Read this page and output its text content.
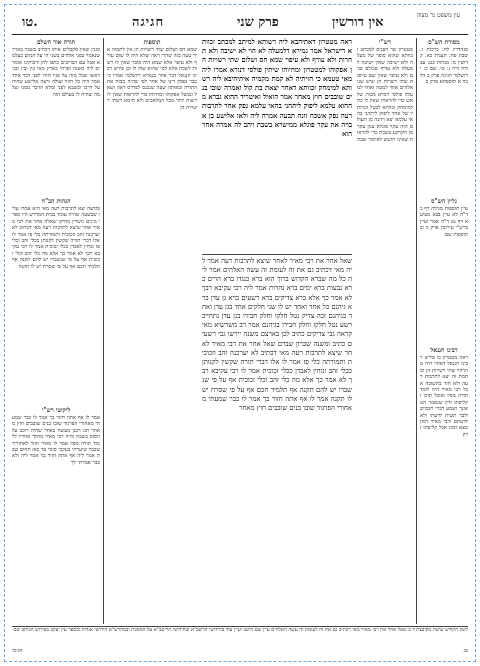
טו.	חגיגה	פרק שני	אין דורשין	עין משפט נר מצוה
תורה אור השלם
ומנין שאין מקבלים אותו דכתיב בשבר באויר שנאמר בפני אלהים בשני הי על המים בעלמא אבל עם הכרובים כתבו להן ורבותינו אומרים ליה משנה ופרחי בארץ מאי בין ובין ובני ראשו שכל מזה על פניו חזרו לפני דבר אחד אמר היה כל חוזר ועולה ורצה אלישע שהיה על דרכו וכשבא לפני ומלא הדבר ממנו ועל מה שהיה לו בעולם הזה
הגהות הב"ח
ומדעה יצא לתרבות רעה מאי היא אמרו עליו שבשעה שהיה עומד בבית המדרש היו ספרי מינים נושרין מחיקו שאלה אחר את רבי מאיר אחר שיצא לתרבות רעה מאי דכתיב לא יערכנה זהב וזכוכית ותמורתה כלי פז אמר לו אלו דברי תורה שקשין לקנותן ככלי זהב וכלי פז ונוחין לאבדן ככלי זכוכית אמר לו רבי עקיבא רבך לא אמר כך אלא מה כלי זהב וכלי זכוכית אף על פי שנשברו יש להם תקנה אף תלמיד חכם אף על פי שסרח יש לו תקנה
ליקוטי רש"י
אמר לו אף אתה חזור בך אמר לו כבר שמעתי מאחורי הפרגוד שובו בנים שובבים חוץ מאחר תנו רבנן מעשה באחר שהיה רוכב על הסוס בשבת והיה רבי מאיר מהלך אחריו ללמוד תורה מפיו אמר לו מאיר חזור לאחוריך שכבר שיערתי בעקבי סוסי עד כאן תחום שבת אמר ליה אף אתה חזור בך אמר ליה ולא כבר אמרתי לך
תוספות
שמא חס ושלום שתי רשויות הן אין לתמוה איך טעה בזה שהרי ראה שלא היה לו שום עורף ולא עיפוי אלא שמא היה סובר שאין לו רשות לשבת אלא למי שהוא שוה לו וכן פירש רבינו חננאל דבר אחר בגמרא ירושלמי אמרו כי כבר נפסק דינו של אחר לפי שהיה מבזה את התורה ובאותה שעה שנכנס לפרדס ראה ושאל ונכשל אפקוהו ומחיוהו כדי להראות שאין לו רשות יותר מכל המלאכים ולא תימא דשתי רשויות הן
ראה מטטרון דאתיהבא ליה רשותא למיתב למכתב זכוותא דישראל אמר גמירא דלמעלה לא הוי לא ישיבה ולא תחרות ולא עורף ולא עיפוי שמא חס ושלום שתי רשויות הן אפקוהו למטטרון ומחיוהו שיתין פולסי דנורא אמרו ליה מאי טעמא כי חזיתיה לא קמת מקמיה איתיהיבא ליה רשותא למימחק זכוותא דאחר יצאת בת קול ואמרה שובו בנים שובבים חוץ מאחר אמר הואיל ואיטריד ההוא גברא מההוא עלמא ליפוק ליתהני בהאי עלמא נפק אחר לתרבות רעה נפק אשכח זונה תבעה אמרה ליה ולאו אלישע בן אבויה את עקר פוגלא ממישרא בשבת ויהב לה אמרה אחר הוא
שאל אחר את רבי מאיר לאחר שיצא לתרבות רעה אמר ליה מאי דכתיב גם את זה לעומת זה עשה האלהים אמר ליה כל מה שברא הקדוש ברוך הוא ברא כנגדו ברא הרים ברא גבעות ברא ימים ברא נהרות אמר ליה רבי עקיבא רבך לא אמר כך אלא ברא צדיקים ברא רשעים ברא גן עדן ברא גיהנם כל אחד ואחד יש לו שני חלקים אחד בגן עדן ואחד בגיהנם זכה צדיק נטל חלקו וחלק חבירו בגן עדן נתחייב רשע נטל חלקו וחלק חבירו בגיהנם אמר רב משרשיא מאי קראה גבי צדיקים כתיב לכן בארצם משנה יירשו גבי רשעים כתיב ומשנה שברון שברם שאל אחר את רבי מאיר לאחר שיצא לתרבות רעה מאי דכתיב לא יערכנה זהב וזכוכית ותמורתה כלי פז אמר לו אלו דברי תורה שקשין לקנותן ככלי זהב ונוחין לאבדן ככלי זכוכית אמר לו רבי עקיבא רבך לא אמר כך אלא מה כלי זהב וכלי זכוכית אף על פי שנשברו יש להם תקנה אף תלמיד חכם אף על פי שסרח יש לו תקנה אמר לו אף אתה חזור בך אמר לו כבר שמעתי מאחורי הפרגוד שובו בנים שובבים חוץ מאחר
רש"י
מטטרון שר הפנים למכתב זכוותא שהוא סופר של מעלה ולא ישיבה שאין ישיבה למעלה ולא עורף שכולם פנים ולא עיפוי שאין שם עייפות שתי רשויות הן שיש שני אלהים אחד למטה ואחד למעלה פולסי דנורא מכות של אש כדי להראות שאין לו כח למימחק זכוותא לבטל זכויותיו של אחר ליפוק ליתהני בהאי עלמא יצא ויהנה מן העולם הזה עקר פוגלא צנון עקר מן הקרקע בשבת כדי להראות שאינו חושש לאיסור שבת
מסורת הש"ס
סנהדרין לח: ברכות ז. שבת פח: תענית כא. קדושין מ: מנחות כט: עבודה זרה ג: מו. שם כ: ירושלמי חגיגה פרק ב הלכה א תוספתא פרק ב
גליון הש"ס
עיין תוספות מגילה דף כ ד"ה לא עיין בבא מציעא דף נט ד"ה אמר ועיין ברש"י עירובין פרק ה ובתוספות שם
רבינו חננאל
ראה מטטרון כו פירש רבינו חננאל דאחר היה מהרהר שתי רשויות הן ומחמת זה יצא לתרבות רעה ולא חזר בתשובה אבל רבי מאיר היה לומד תורה מפיו ואוכל תוכו וקליפתו זרק שנאמר הט אזנך ושמע דברי חכמים ולבך תשית לדעתי ולא לדעתם ורבי מאיר רמון מצא תוכו אכל קליפתו זרק
לשון הקודש שיטה מקובצת ד ב שאל אחר את רבי מאיר מאי דכתיב גם את זה לעומת זה עשה האלהים עיין שם היטב ועיין עוד בחידושי הרשב"א ובחידושי הריטב"א על המסכת ובמהרש"א חידושי אגדות ובספר עין יעקב בפירוש הכותב שם
טו.
חגיגה
